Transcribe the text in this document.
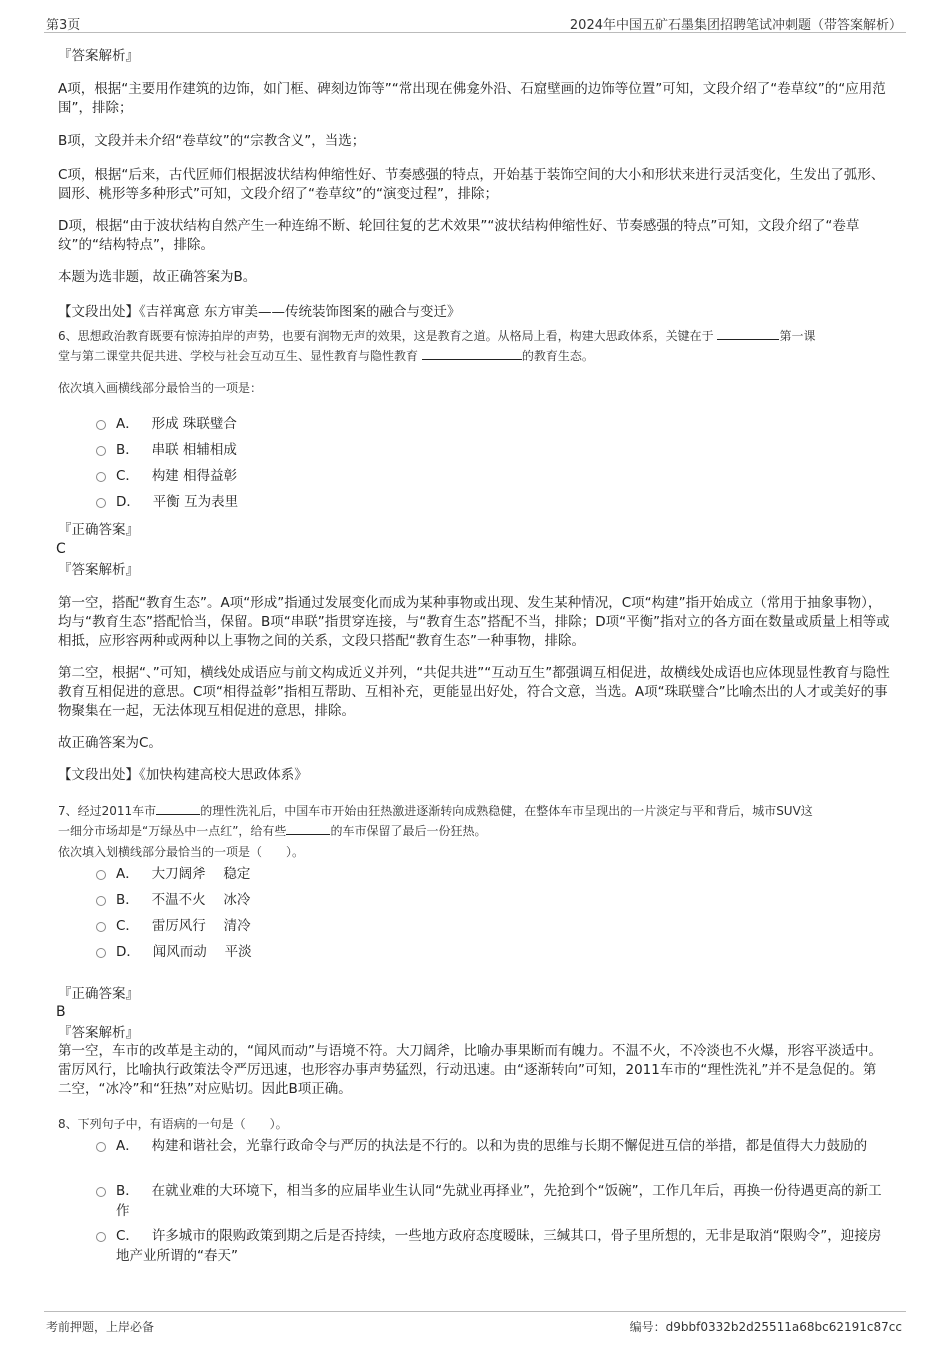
第3页	2024年中国五矿石墨集团招聘笔试冲刺题（带答案解析）
『答案解析』
A项，根据“主要用作建筑的边饰，如门框、碑刻边饰等”“常出现在佛龛外沿、石窟壁画的边饰等位置”可知，文段介绍了“卷草纹”的“应用范围”，排除；
B项，文段并未介绍“卷草纹”的“宗教含义”，当选；
C项，根据“后来，古代匠师们根据波状结构伸缩性好、节奏感强的特点，开始基于装饰空间的大小和形状来进行灵活变化，生发出了弧形、圆形、桃形等多种形式”可知，文段介绍了“卷草纹”的“演变过程”，排除；
D项，根据“由于波状结构自然产生一种连绵不断、轮回往复的艺术效果”“波状结构伸缩性好、节奏感强的特点”可知，文段介绍了“卷草纹”的“结构特点”，排除。
本题为选非题，故正确答案为B。
【文段出处】《吉祥寓意 东方审美——传统装饰图案的融合与变迁》
6、思想政治教育既要有惊涛拍岸的声势，也要有润物无声的效果，这是教育之道。从格局上看，构建大思政体系，关键在于	第一课
堂与第二课堂共促共进、学校与社会互动互生、显性教育与隐性教育	的教育生态。
依次填入画横线部分最恰当的一项是：
A． 形成 珠联璧合
B． 串联 相辅相成
C． 构建 相得益彰
D． 平衡 互为表里
『正确答案』
C
『答案解析』
第一空，搭配“教育生态”。A项“形成”指通过发展变化而成为某种事物或出现、发生某种情况，C项“构建”指开始成立（常用于抽象事物），均与“教育生态”搭配恰当，保留。B项“串联”指贯穿连接，与“教育生态”搭配不当，排除；D项“平衡”指对立的各方面在数量或质量上相等或相抵，应形容两种或两种以上事物之间的关系，文段只搭配“教育生态”一种事物，排除。
第二空，根据“、”可知，横线处成语应与前文构成近义并列，“共促共进”“互动互生”都强调互相促进，故横线处成语也应体现显性教育与隐性教育互相促进的意思。C项“相得益彰”指相互帮助、互相补充，更能显出好处，符合文意，当选。A项“珠联璧合”比喻杰出的人才或美好的事物聚集在一起，无法体现互相促进的意思，排除。
故正确答案为C。
【文段出处】《加快构建高校大思政体系》
7、经过2011车市	的理性洗礼后，中国车市开始由狂热激进逐渐转向成熟稳健，在整体车市呈现出的一片淡定与平和背后，城市SUV这
一细分市场却是“万绿丛中一点红”，给有些	的车市保留了最后一份狂热。
依次填入划横线部分最恰当的一项是（　　）。
A． 大刀阔斧　 稳定
B． 不温不火　 冰冷
C． 雷厉风行　 清冷
D． 闻风而动　 平淡
『正确答案』
B
『答案解析』
第一空，车市的改革是主动的，“闻风而动”与语境不符。大刀阔斧，比喻办事果断而有魄力。不温不火，不冷淡也不火爆，形容平淡适中。雷厉风行，比喻执行政策法令严厉迅速，也形容办事声势猛烈，行动迅速。由“逐渐转向”可知，2011车市的“理性洗礼”并不是急促的。第二空，“冰冷”和“狂热”对应贴切。因此B项正确。
8、下列句子中，有语病的一句是（　　）。
A． 构建和谐社会，光靠行政命令与严厉的执法是不行的。以和为贵的思维与长期不懈促进互信的举措，都是值得大力鼓励的
B． 在就业难的大环境下，相当多的应届毕业生认同“先就业再择业”，先抢到个“饭碗”，工作几年后，再换一份待遇更高的新工作
C． 许多城市的限购政策到期之后是否持续，一些地方政府态度暧昧，三缄其口，骨子里所想的，无非是取消“限购令”，迎接房地产业所谓的“春天”
考前押题，上岸必备	编号：d9bbf0332b2d25511a68bc62191c87cc
